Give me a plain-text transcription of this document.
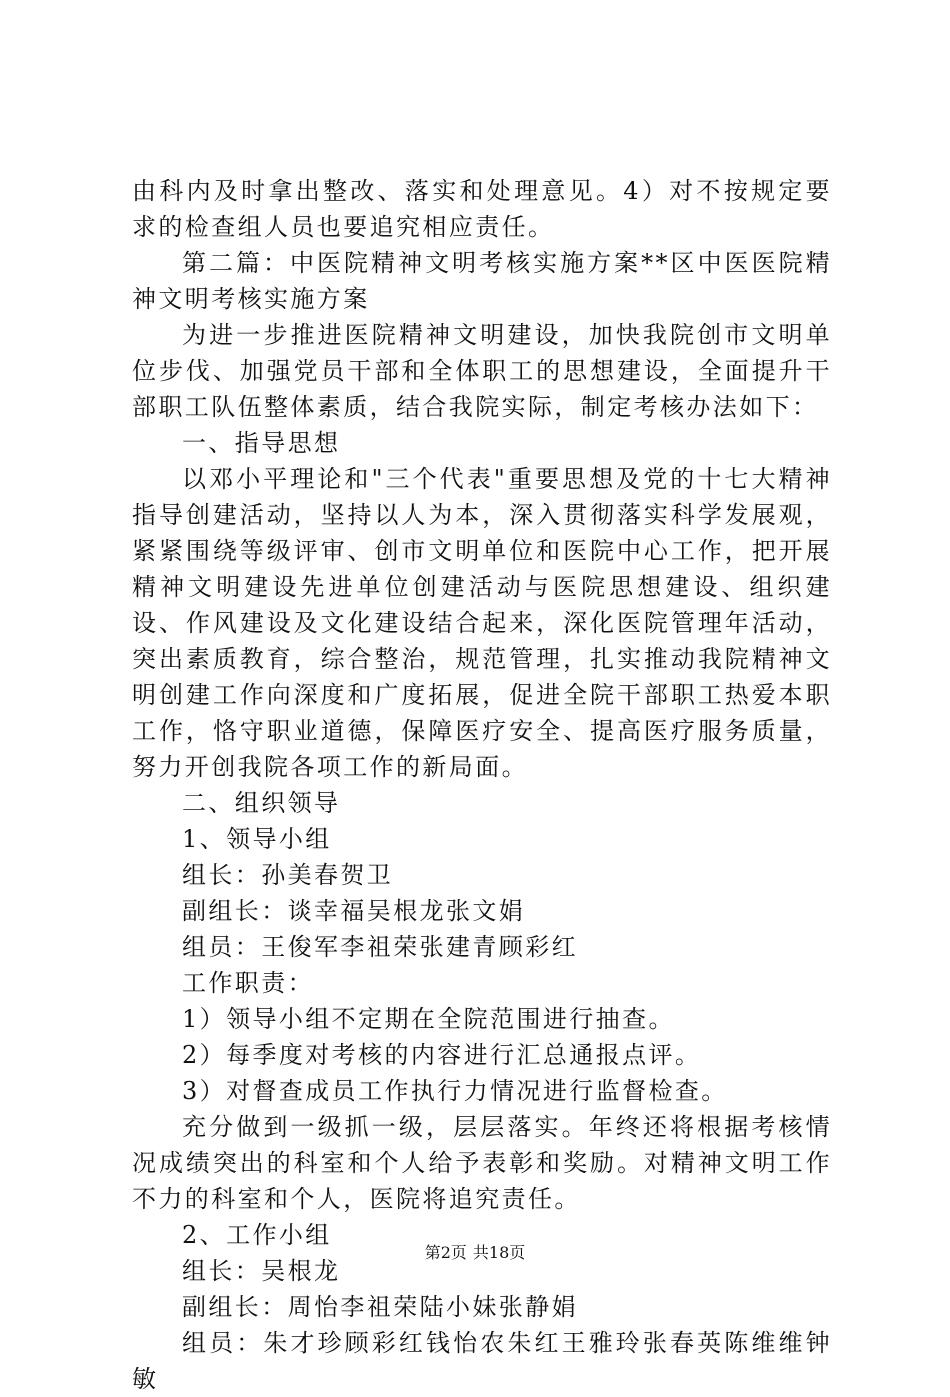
由科内及时拿出整改、落实和处理意见。4）对不按规定要求的检查组人员也要追究相应责任。

第二篇：中医院精神文明考核实施方案**区中医医院精神文明考核实施方案

为进一步推进医院精神文明建设，加快我院创市文明单位步伐、加强党员干部和全体职工的思想建设，全面提升干部职工队伍整体素质，结合我院实际，制定考核办法如下：

一、指导思想

以邓小平理论和"三个代表"重要思想及党的十七大精神指导创建活动，坚持以人为本，深入贯彻落实科学发展观，紧紧围绕等级评审、创市文明单位和医院中心工作，把开展精神文明建设先进单位创建活动与医院思想建设、组织建设、作风建设及文化建设结合起来，深化医院管理年活动，突出素质教育，综合整治，规范管理，扎实推动我院精神文明创建工作向深度和广度拓展，促进全院干部职工热爱本职工作，恪守职业道德，保障医疗安全、提高医疗服务质量，努力开创我院各项工作的新局面。

二、组织领导

1、领导小组

组长：孙美春贺卫

副组长：谈幸福吴根龙张文娟

组员：王俊军李祖荣张建青顾彩红

工作职责：

1）领导小组不定期在全院范围进行抽查。

2）每季度对考核的内容进行汇总通报点评。

3）对督查成员工作执行力情况进行监督检查。

充分做到一级抓一级，层层落实。年终还将根据考核情况成绩突出的科室和个人给予表彰和奖励。对精神文明工作不力的科室和个人，医院将追究责任。

2、工作小组

组长：吴根龙

副组长：周怡李祖荣陆小妹张静娟

组员：朱才珍顾彩红钱怡农朱红王雅玲张春英陈维维钟敏

第2页 共18页
